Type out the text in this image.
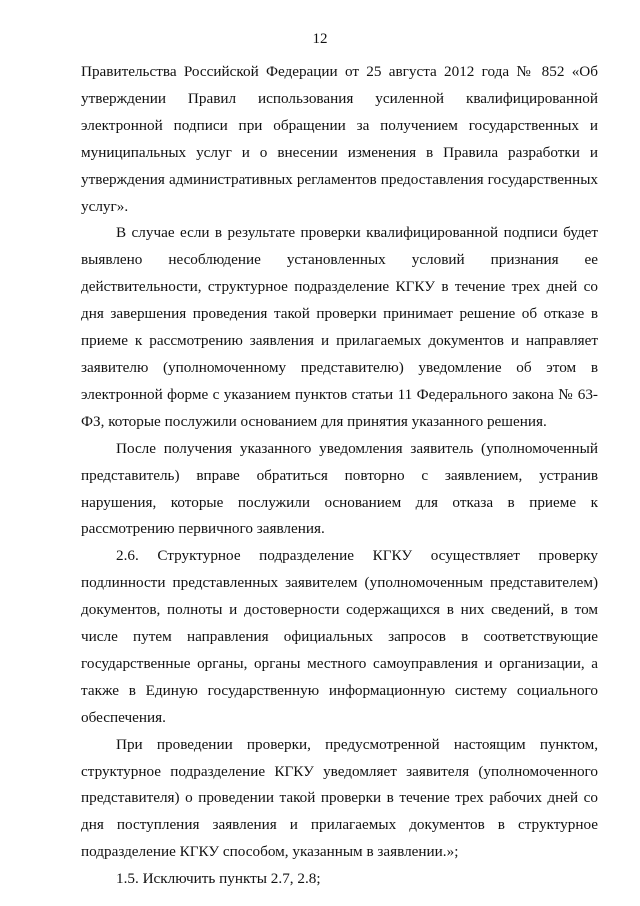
12

Правительства Российской Федерации от 25 августа 2012 года № 852 «Об утверждении Правил использования усиленной квалифицированной электронной подписи при обращении за получением государственных и муниципальных услуг и о внесении изменения в Правила разработки и утверждения административных регламентов предоставления государственных услуг».

В случае если в результате проверки квалифицированной подписи будет выявлено несоблюдение установленных условий признания ее действительности, структурное подразделение КГКУ в течение трех дней со дня завершения проведения такой проверки принимает решение об отказе в приеме к рассмотрению заявления и прилагаемых документов и направляет заявителю (уполномоченному представителю) уведомление об этом в электронной форме с указанием пунктов статьи 11 Федерального закона № 63-ФЗ, которые послужили основанием для принятия указанного решения.

После получения указанного уведомления заявитель (уполномоченный представитель) вправе обратиться повторно с заявлением, устранив нарушения, которые послужили основанием для отказа в приеме к рассмотрению первичного заявления.

2.6. Структурное подразделение КГКУ осуществляет проверку подлинности представленных заявителем (уполномоченным представителем) документов, полноты и достоверности содержащихся в них сведений, в том числе путем направления официальных запросов в соответствующие государственные органы, органы местного самоуправления и организации, а также в Единую государственную информационную систему социального обеспечения.

При проведении проверки, предусмотренной настоящим пунктом, структурное подразделение КГКУ уведомляет заявителя (уполномоченного представителя) о проведении такой проверки в течение трех рабочих дней со дня поступления заявления и прилагаемых документов в структурное подразделение КГКУ способом, указанным в заявлении.»;

1.5. Исключить пункты 2.7, 2.8;
